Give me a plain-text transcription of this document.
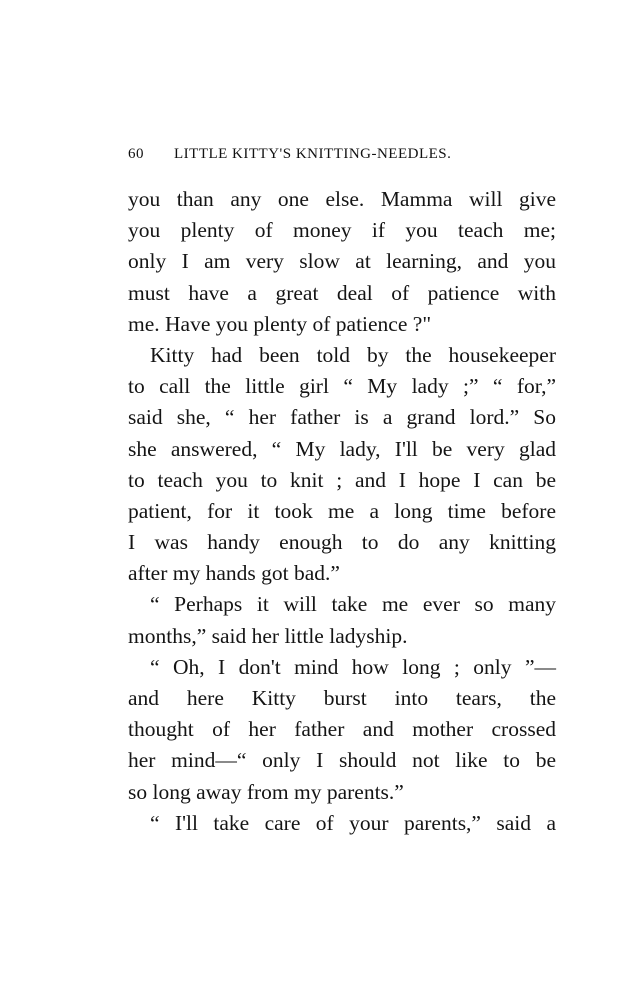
60 LITTLE KITTY'S KNITTING-NEEDLES.
you than any one else. Mamma will give
you plenty of money if you teach me;
only I am very slow at learning, and you
must have a great deal of patience with
me. Have you plenty of patience ?"
Kitty had been told by the housekeeper
to call the little girl “ My lady ;” “ for,”
said she, “ her father is a grand lord.” So
she answered, “ My lady, I'll be very glad
to teach you to knit ; and I hope I can be
patient, for it took me a long time before
I was handy enough to do any knitting
after my hands got bad.”
“ Perhaps it will take me ever so many
months,” said her little ladyship.
“ Oh, I don't mind how long ; only ”—
and here Kitty burst into tears, the
thought of her father and mother crossed
her mind—“ only I should not like to be
so long away from my parents.”
“ I'll take care of your parents,” said a
